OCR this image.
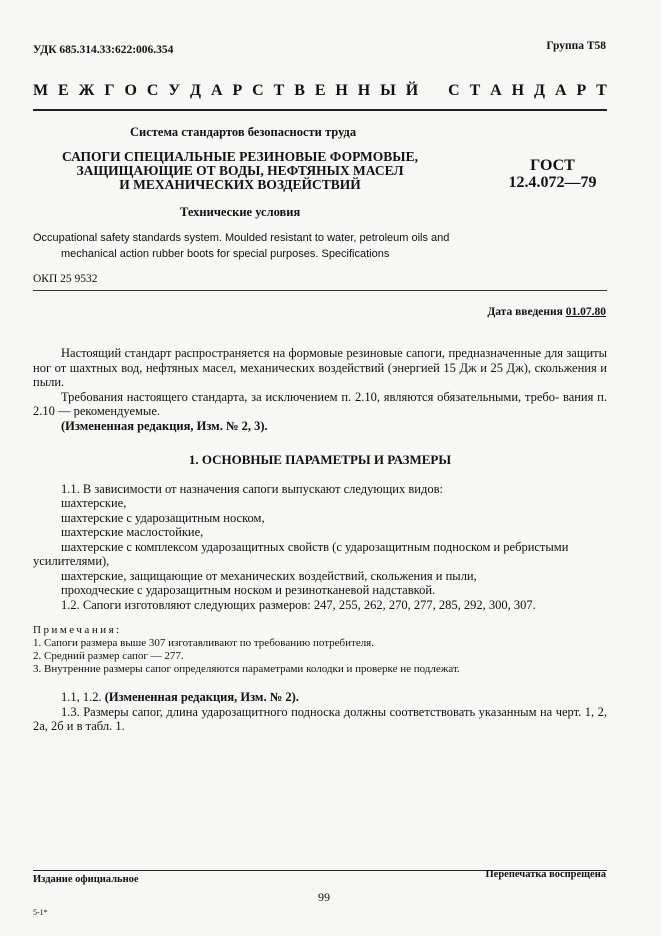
УДК 685.314.33:622:006.354	Группа Т58
М Е Ж Г О С У Д А Р С Т В Е Н Н Ы Й С Т А Н Д А Р Т
Система стандартов безопасности труда
САПОГИ СПЕЦИАЛЬНЫЕ РЕЗИНОВЫЕ ФОРМОВЫЕ,
ЗАЩИЩАЮЩИЕ ОТ ВОДЫ, НЕФТЯНЫХ МАСЕЛ
И МЕХАНИЧЕСКИХ ВОЗДЕЙСТВИЙ
ГОСТ
12.4.072—79
Технические условия
Occupational safety standards system. Moulded resistant to water, petroleum oils and
mechanical action rubber boots for special purposes. Specifications
ОКП 25 9532
Дата введения 01.07.80
Настоящий стандарт распространяется на формовые резиновые сапоги, предназначенные для защиты ног от шахтных вод, нефтяных масел, механических воздействий (энергией 15 Дж и 25 Дж), скольжения и пыли.
Требования настоящего стандарта, за исключением п. 2.10, являются обязательными, требо- вания п. 2.10 — рекомендуемые.
(Измененная редакция, Изм. № 2, 3).
1. ОСНОВНЫЕ ПАРАМЕТРЫ И РАЗМЕРЫ
1.1. В зависимости от назначения сапоги выпускают следующих видов:
шахтерские,
шахтерские с ударозащитным носком,
шахтерские маслостойкие,
шахтерские с комплексом ударозащитных свойств (с ударозащитным подноском и ребристыми
усилителями),
шахтерские, защищающие от механических воздействий, скольжения и пыли,
проходческие с ударозащитным носком и резинотканевой надставкой.
1.2. Сапоги изготовляют следующих размеров: 247, 255, 262, 270, 277, 285, 292, 300, 307.
Примечания:
1. Сапоги размера выше 307 изготавливают по требованию потребителя.
2. Средний размер сапог — 277.
3. Внутренние размеры сапог определяются параметрами колодки и проверке не подлежат.
1.1, 1.2. (Измененная редакция, Изм. № 2).
1.3. Размеры сапог, длина ударозащитного подноска должны соответствовать указанным на черт. 1, 2, 2а, 2б и в табл. 1.
Издание официальное	Перепечатка воспрещена
99
5-1*
